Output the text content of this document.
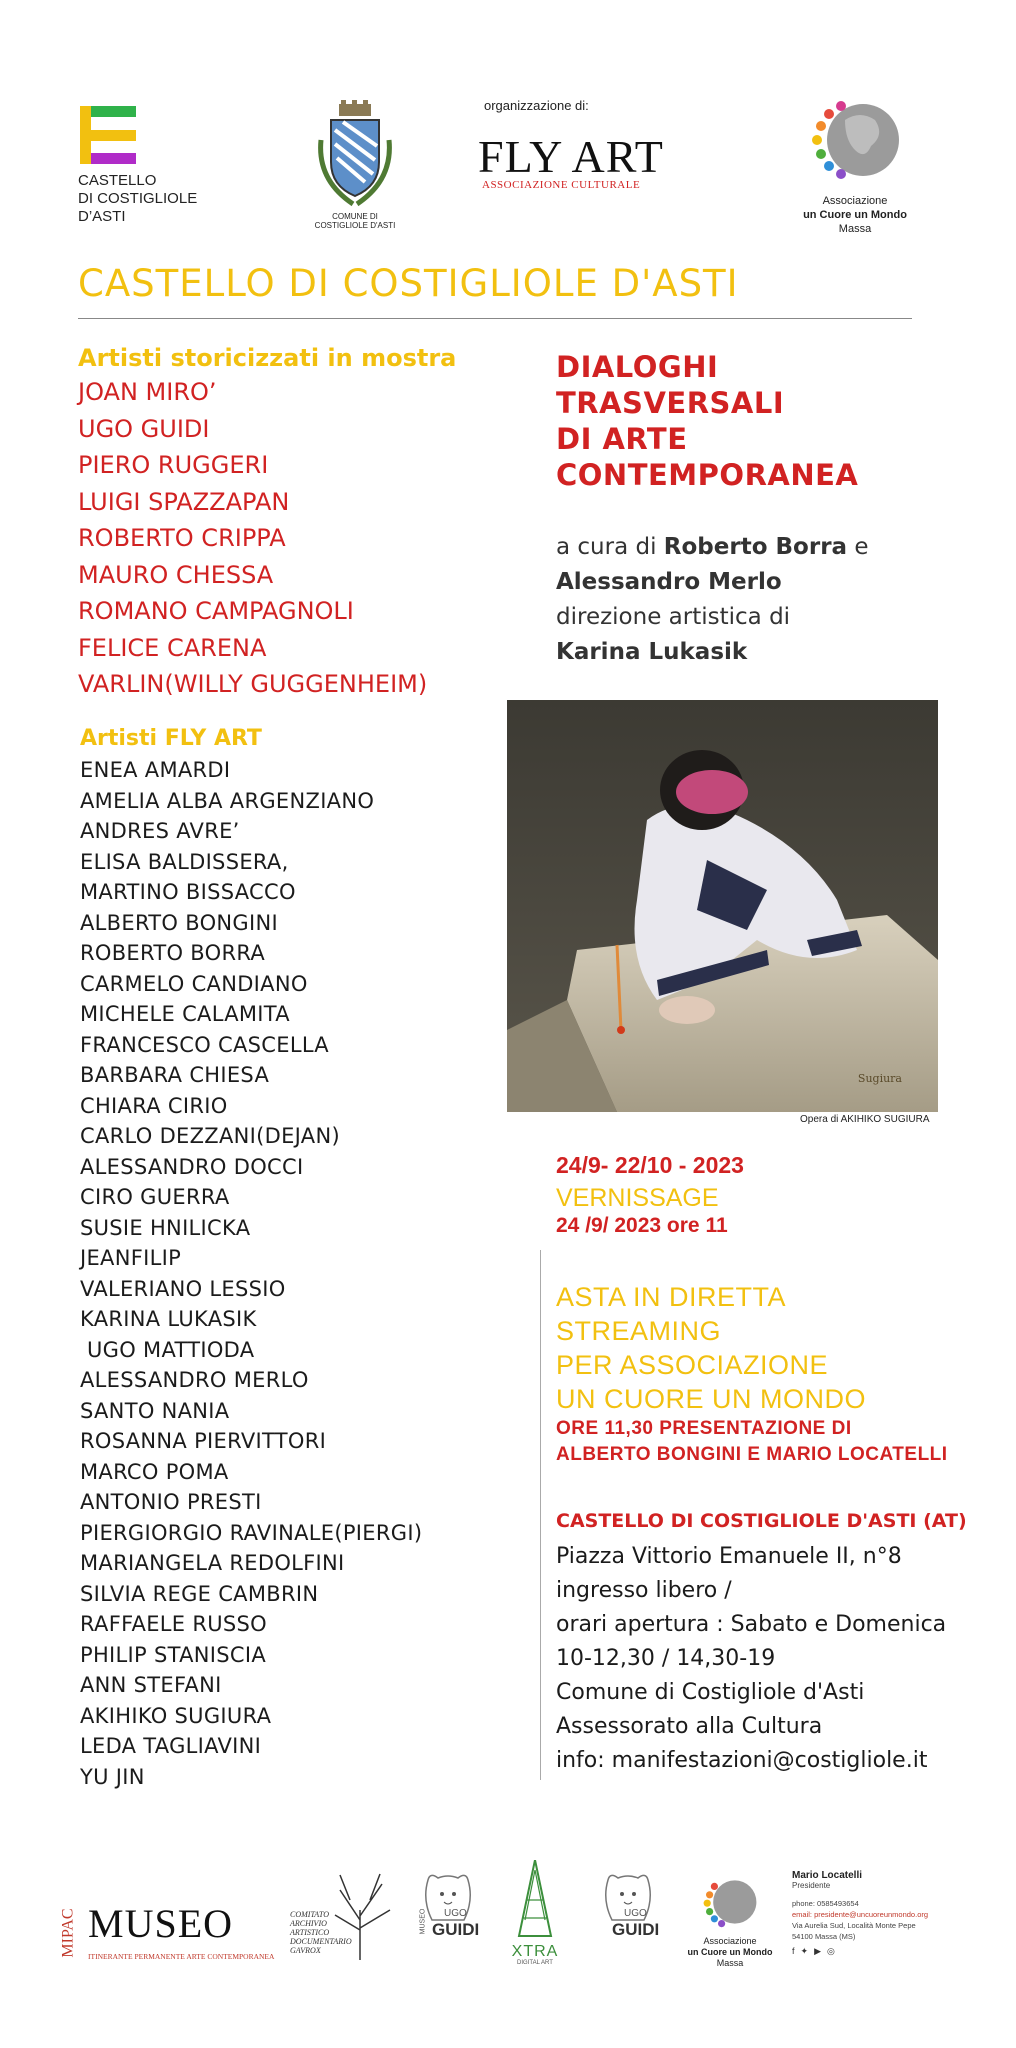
CASTELLO
DI COSTIGLIOLE
D’ASTI	COMUNE DI
COSTIGLIOLE D'ASTI
organizzazione di:
FLY ART
ASSOCIAZIONE CULTURALE
Associazione
un Cuore un Mondo
Massa
CASTELLO DI COSTIGLIOLE D'ASTI
Artisti storicizzati in mostra
JOAN MIRO’
UGO GUIDI
PIERO RUGGERI
LUIGI SPAZZAPAN
ROBERTO CRIPPA
MAURO CHESSA
ROMANO CAMPAGNOLI
FELICE CARENA
VARLIN(WILLY GUGGENHEIM)
Artisti FLY ART
ENEA AMARDI
AMELIA ALBA ARGENZIANO
ANDRES AVRE’
ELISA BALDISSERA,
MARTINO BISSACCO
ALBERTO BONGINI
ROBERTO BORRA
CARMELO CANDIANO
MICHELE CALAMITA
FRANCESCO CASCELLA
BARBARA CHIESA
CHIARA CIRIO
CARLO DEZZANI(DEJAN)
ALESSANDRO DOCCI
CIRO GUERRA
SUSIE HNILICKA
JEANFILIP
VALERIANO LESSIO
KARINA LUKASIK
UGO MATTIODA
ALESSANDRO MERLO
SANTO NANIA
ROSANNA PIERVITTORI
MARCO POMA
ANTONIO PRESTI
PIERGIORGIO RAVINALE(PIERGI)
MARIANGELA REDOLFINI
SILVIA REGE CAMBRIN
RAFFAELE RUSSO
PHILIP STANISCIA
ANN STEFANI
AKIHIKO SUGIURA
LEDA TAGLIAVINI
YU JIN
DIALOGHI
TRASVERSALI
DI ARTE
CONTEMPORANEA
a cura di Roberto Borra e
Alessandro Merlo
direzione artistica di
Karina Lukasik
Sugiura
Opera di AKIHIKO SUGIURA
24/9- 22/10 - 2023
VERNISSAGE
24 /9/ 2023 ore 11
ASTA IN DIRETTA
STREAMING
PER ASSOCIAZIONE
UN CUORE UN MONDO
ORE 11,30 PRESENTAZIONE DI
ALBERTO BONGINI E MARIO LOCATELLI
CASTELLO DI COSTIGLIOLE D'ASTI (AT)
Piazza Vittorio Emanuele II, n°8
ingresso libero /
orari apertura : Sabato e Domenica
10-12,30 / 14,30-19
Comune di Costigliole d'Asti
Assessorato alla Cultura
info: manifestazioni@costigliole.it
MIPAC MUSEO
ITINERANTE PERMANENTE ARTE CONTEMPORANEA
COMITATO
ARCHIVIO
ARTISTICO
DOCUMENTARIO
GAVROX
UGO
GUIDI
MUSEO
XTRA
DIGITAL ART
UGO
GUIDI
Associazione
un Cuore un Mondo
Massa
Mario Locatelli
Presidente
phone: 0585493654
email: presidente@uncuoreunmondo.org
Via Aurelia Sud, Località Monte Pepe
54100 Massa (MS)
f✦▶◎
